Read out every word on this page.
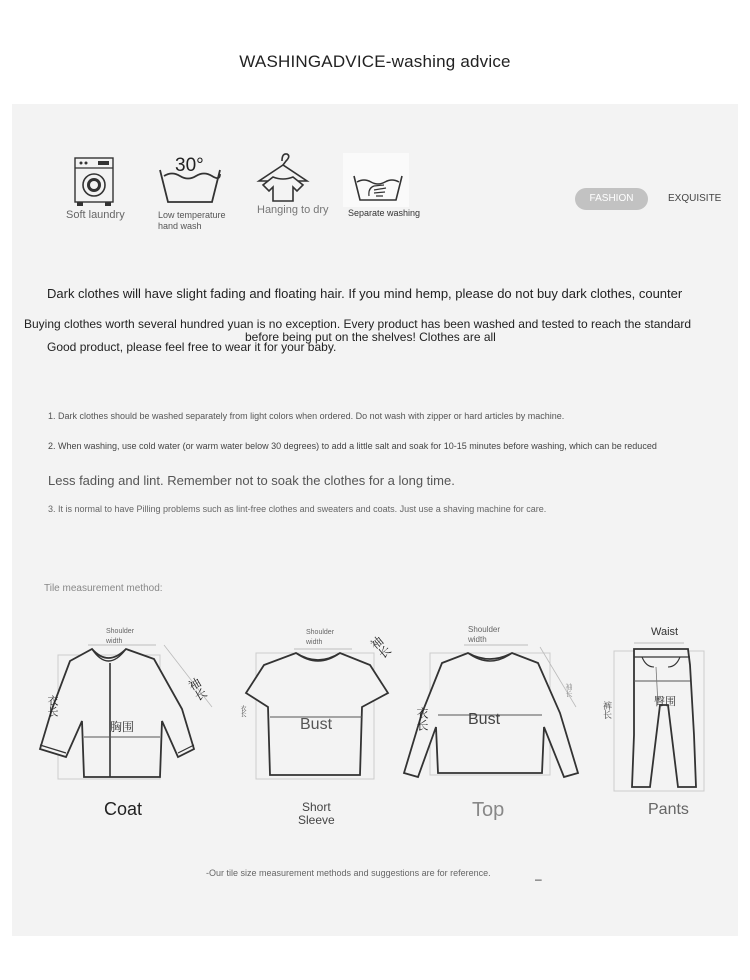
WASHINGADVICE-washing advice
Soft laundry
30°
Low temperature
hand wash
Hanging to dry Separate washing
FASHION	EXQUISITE
Dark clothes will have slight fading and floating hair. If you mind hemp, please do not buy dark clothes, counter
Buying clothes worth several hundred yuan is no exception. Every product has been washed and tested to reach the standard
before being put on the shelves! Clothes are all
Good product, please feel free to wear it for your baby.
1. Dark clothes should be washed separately from light colors when ordered. Do not wash with zipper or hard articles by machine.
2. When washing, use cold water (or warm water below 30 degrees) to add a little salt and soak for 10-15 minutes before washing, which can be reduced
Less fading and lint. Remember not to soak the clothes for a long time.
3. It is normal to have Pilling problems such as lint-free clothes and sweaters and coats. Just use a shaving machine for care.
Tile measurement method:
Shoulder
width
胸围
衣长
袖长
Coat
Shoulder
width
Bust
衣长
袖长
Short
Sleeve
Shoulder
width
Bust
衣长
袖长
Top
Waist
臀围
裤长
Pants
-Our tile size measurement methods and suggestions are for reference.	–
